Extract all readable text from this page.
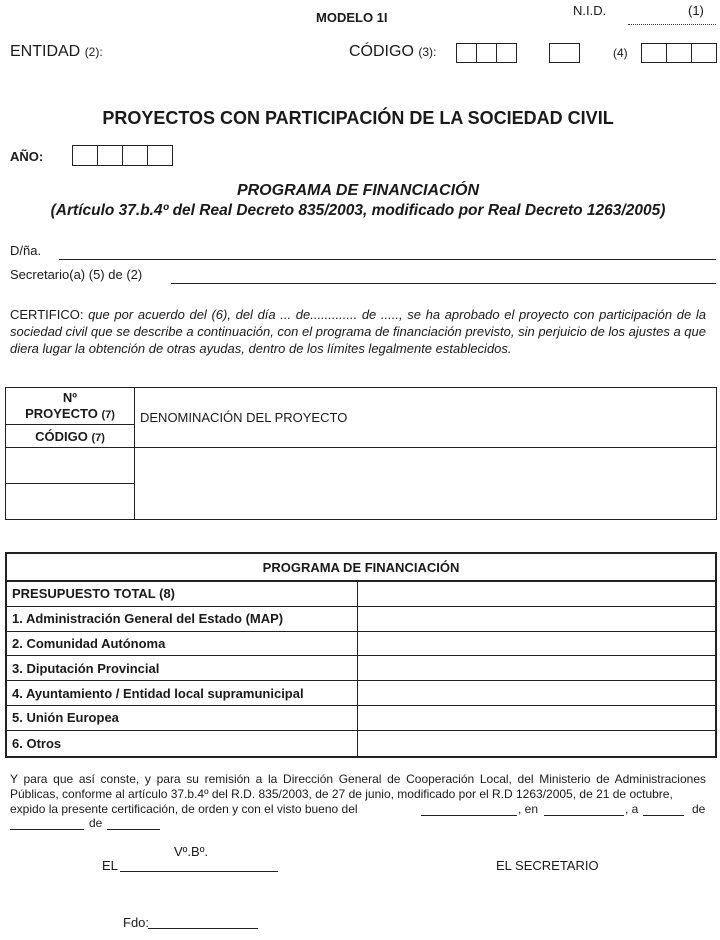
MODELO 1I	N.I.D.	(1)
ENTIDAD (2):	CÓDIGO (3):	(4)
PROYECTOS CON PARTICIPACIÓN DE LA SOCIEDAD CIVIL
AÑO:
PROGRAMA DE FINANCIACIÓN
(Artículo 37.b.4º del Real Decreto 835/2003, modificado por Real Decreto 1263/2005)
D/ña.
Secretario(a) (5) de (2)
CERTIFICO: que por acuerdo del (6), del día ... de............. de ....., se ha aprobado el proyecto con participación de la sociedad civil que se describe a continuación, con el programa de financiación previsto, sin perjuicio de los ajustes a que diera lugar la obtención de otras ayudas, dentro de los límites legalmente establecidos.
Nº
PROYECTO (7)
CÓDIGO (7)
DENOMINACIÓN DEL PROYECTO
PROGRAMA DE FINANCIACIÓN
PRESUPUESTO TOTAL (8)
1. Administración General del Estado (MAP)
2. Comunidad Autónoma
3. Diputación Provincial
4. Ayuntamiento / Entidad local supramunicipal
5. Unión Europea
6. Otros
Y para que así conste, y para su remisión a la Dirección General de Cooperación Local, del Ministerio de Administraciones Públicas, conforme al artículo 37.b.4º del R.D. 835/2003, de 27 de junio, modificado por el R.D 1263/2005, de 21 de octubre,
expido la presente certificación, de orden y con el visto bueno del	, en	, a	de
de
Vº.Bº.
EL	EL SECRETARIO
Fdo:
